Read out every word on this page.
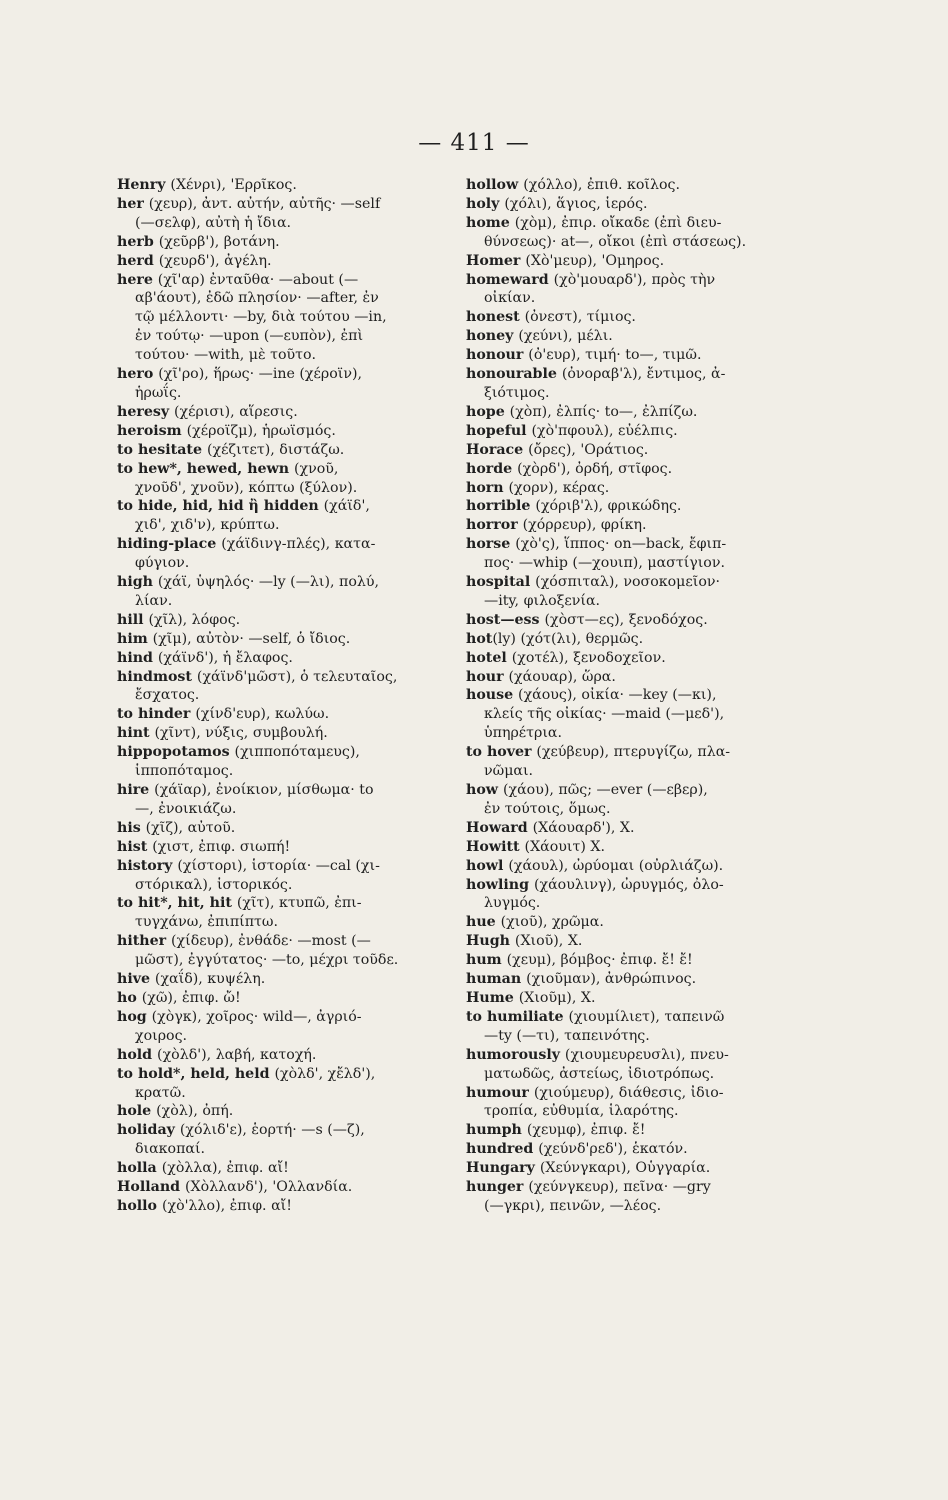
— 411 —

Henry (Χένρι), 'Ερρῖκος.

her (χευρ), ἀντ. αὐτήν, αὐτῆς· —self

(—σελφ), αὐτὴ ἡ ἴδια.

herb (χεῦρβ'), βοτάνη.

herd (χευρδ'), ἀγέλη.

here (χῖ'αρ) ἐνταῦθα· —about (—

αβ'άουτ), ἐδῶ πλησίον· —after, ἐν

τῷ μέλλοντι· —by, διὰ τούτου —in,

ἐν τούτῳ· —upon (—ευπὸν), ἐπὶ

τούτου· —with, μὲ τοῦτο.

hero (χῖ'ρο), ἥρως· —ine (χέροϊν),

ἡρωΐς.

heresy (χέρισι), αἵρεσις.

heroism (χέροϊζμ), ἡρωϊσμός.

to hesitate (χέζιτετ), διστάζω.

to hew*, hewed, hewn (χνοῦ,

χνοῦδ', χνοῦν), κόπτω (ξύλον).

to hide, hid, hid ἢ hidden (χάϊδ',

χιδ', χιδ'ν), κρύπτω.

hiding-place (χάϊδινγ-πλές), κατα-

φύγιον.

high (χάϊ, ὑψηλός· —ly (—λι), πολύ,

λίαν.

hill (χῖλ), λόφος.

him (χῖμ), αὐτὸν· —self, ὁ ἴδιος.

hind (χάϊνδ'), ἡ ἔλαφος.

hindmost (χάϊνδ'μῶστ), ὁ τελευταῖος,

ἔσχατος.

to hinder (χίνδ'ευρ), κωλύω.

hint (χῖντ), νύξις, συμβουλή.

hippopotamos (χιπποπόταμευς),

ἱπποπόταμος.

hire (χάϊαρ), ἐνοίκιον, μίσθωμα· to

—, ἐνοικιάζω.

his (χῖζ), αὐτοῦ.

hist (χιστ, ἐπιφ. σιωπή!

history (χίστορι), ἱστορία· —cal (χι-

στόρικαλ), ἱστορικός.

to hit*, hit, hit (χῖτ), κτυπῶ, ἐπι-

τυγχάνω, ἐπιπίπτω.

hither (χίδευρ), ἐνθάδε· —most (—

μῶστ), ἐγγύτατος· —to, μέχρι τοῦδε.

hive (χαΐδ), κυψέλη.

ho (χῶ), ἐπιφ. ὤ!

hog (χὸγκ), χοῖρος· wild—, ἀγριό-

χοιρος.

hold (χὸλδ'), λαβή, κατοχή.

to hold*, held, held (χὸλδ', χἔλδ'),

κρατῶ.

hole (χὸλ), ὀπή.

holiday (χόλιδ'ε), ἑορτή· —s (—ζ),

διακοπαί.

holla (χὸλλα), ἐπιφ. αἴ!

Holland (Χὸλλανδ'), 'Ολλανδία.

hollo (χὸ'λλο), ἐπιφ. αἴ!

hollow (χόλλο), ἐπιθ. κοῖλος.

holy (χόλι), ἅγιος, ἱερός.

home (χὸμ), ἐπιρ. οἴκαδε (ἐπὶ διευ-

θύνσεως)· at—, οἴκοι (ἐπὶ στάσεως).

Homer (Χὸ'μευρ), 'Ομηρος.

homeward (χὸ'μουαρδ'), πρὸς τὴν

οἰκίαν.

honest (ὀνεστ), τίμιος.

honey (χεύνι), μέλι.

honour (ὀ'ευρ), τιμή· to—, τιμῶ.

honourable (ὀνοραβ'λ), ἔντιμος, ἀ-

ξιότιμος.

hope (χὸπ), ἐλπίς· to—, ἐλπίζω.

hopeful (χὸ'πφουλ), εὐέλπις.

Horace (ὄρες), 'Οράτιος.

horde (χὸρδ'), ὀρδή, στῖφος.

horn (χορν), κέρας.

horrible (χόριβ'λ), φρικώδης.

horror (χόρρευρ), φρίκη.

horse (χὸ'ς), ἵππος· on—back, ἔφιπ-

πος· —whip (—χουιπ), μαστίγιον.

hospital (χόσπιταλ), νοσοκομεῖον·

—ity, φιλοξενία.

host—ess (χὸστ—ες), ξενοδόχος.

hot(ly) (χότ(λι), θερμῶς.

hotel (χοτέλ), ξενοδοχεῖον.

hour (χάουαρ), ὥρα.

house (χάους), οἰκία· —key (—κι),

κλείς τῆς οἰκίας· —maid (—μεδ'),

ὑπηρέτρια.

to hover (χεύβευρ), πτερυγίζω, πλα-

νῶμαι.

how (χάου), πῶς; —ever (—εβερ),

ἐν τούτοις, ὅμως.

Howard (Χάουαρδ'), Χ.

Howitt (Χάουιτ) Χ.

howl (χάουλ), ὠρύομαι (οὐρλιάζω).

howling (χάουλινγ), ὠρυγμός, ὀλο-

λυγμός.

hue (χιοῦ), χρῶμα.

Hugh (Χιοῦ), Χ.

hum (χευμ), βόμβος· ἐπιφ. ἔ! ἔ!

human (χιοῦμαν), ἀνθρώπινος.

Hume (Χιοῦμ), Χ.

to humiliate (χιουμίλιετ), ταπεινῶ

—ty (—τι), ταπεινότης.

humorously (χιουμευρευσλι), πνευ-

ματωδῶς, ἀστείως, ἰδιοτρόπως.

humour (χιούμευρ), διάθεσις, ἰδιο-

τροπία, εὐθυμία, ἱλαρότης.

humph (χευμφ), ἐπιφ. ἔ!

hundred (χεύνδ'ρεδ'), ἑκατόν.

Hungary (Χεύνγκαρι), Οὑγγαρία.

hunger (χεύνγκευρ), πεῖνα· —gry

(—γκρι), πεινῶν, —λέος.
